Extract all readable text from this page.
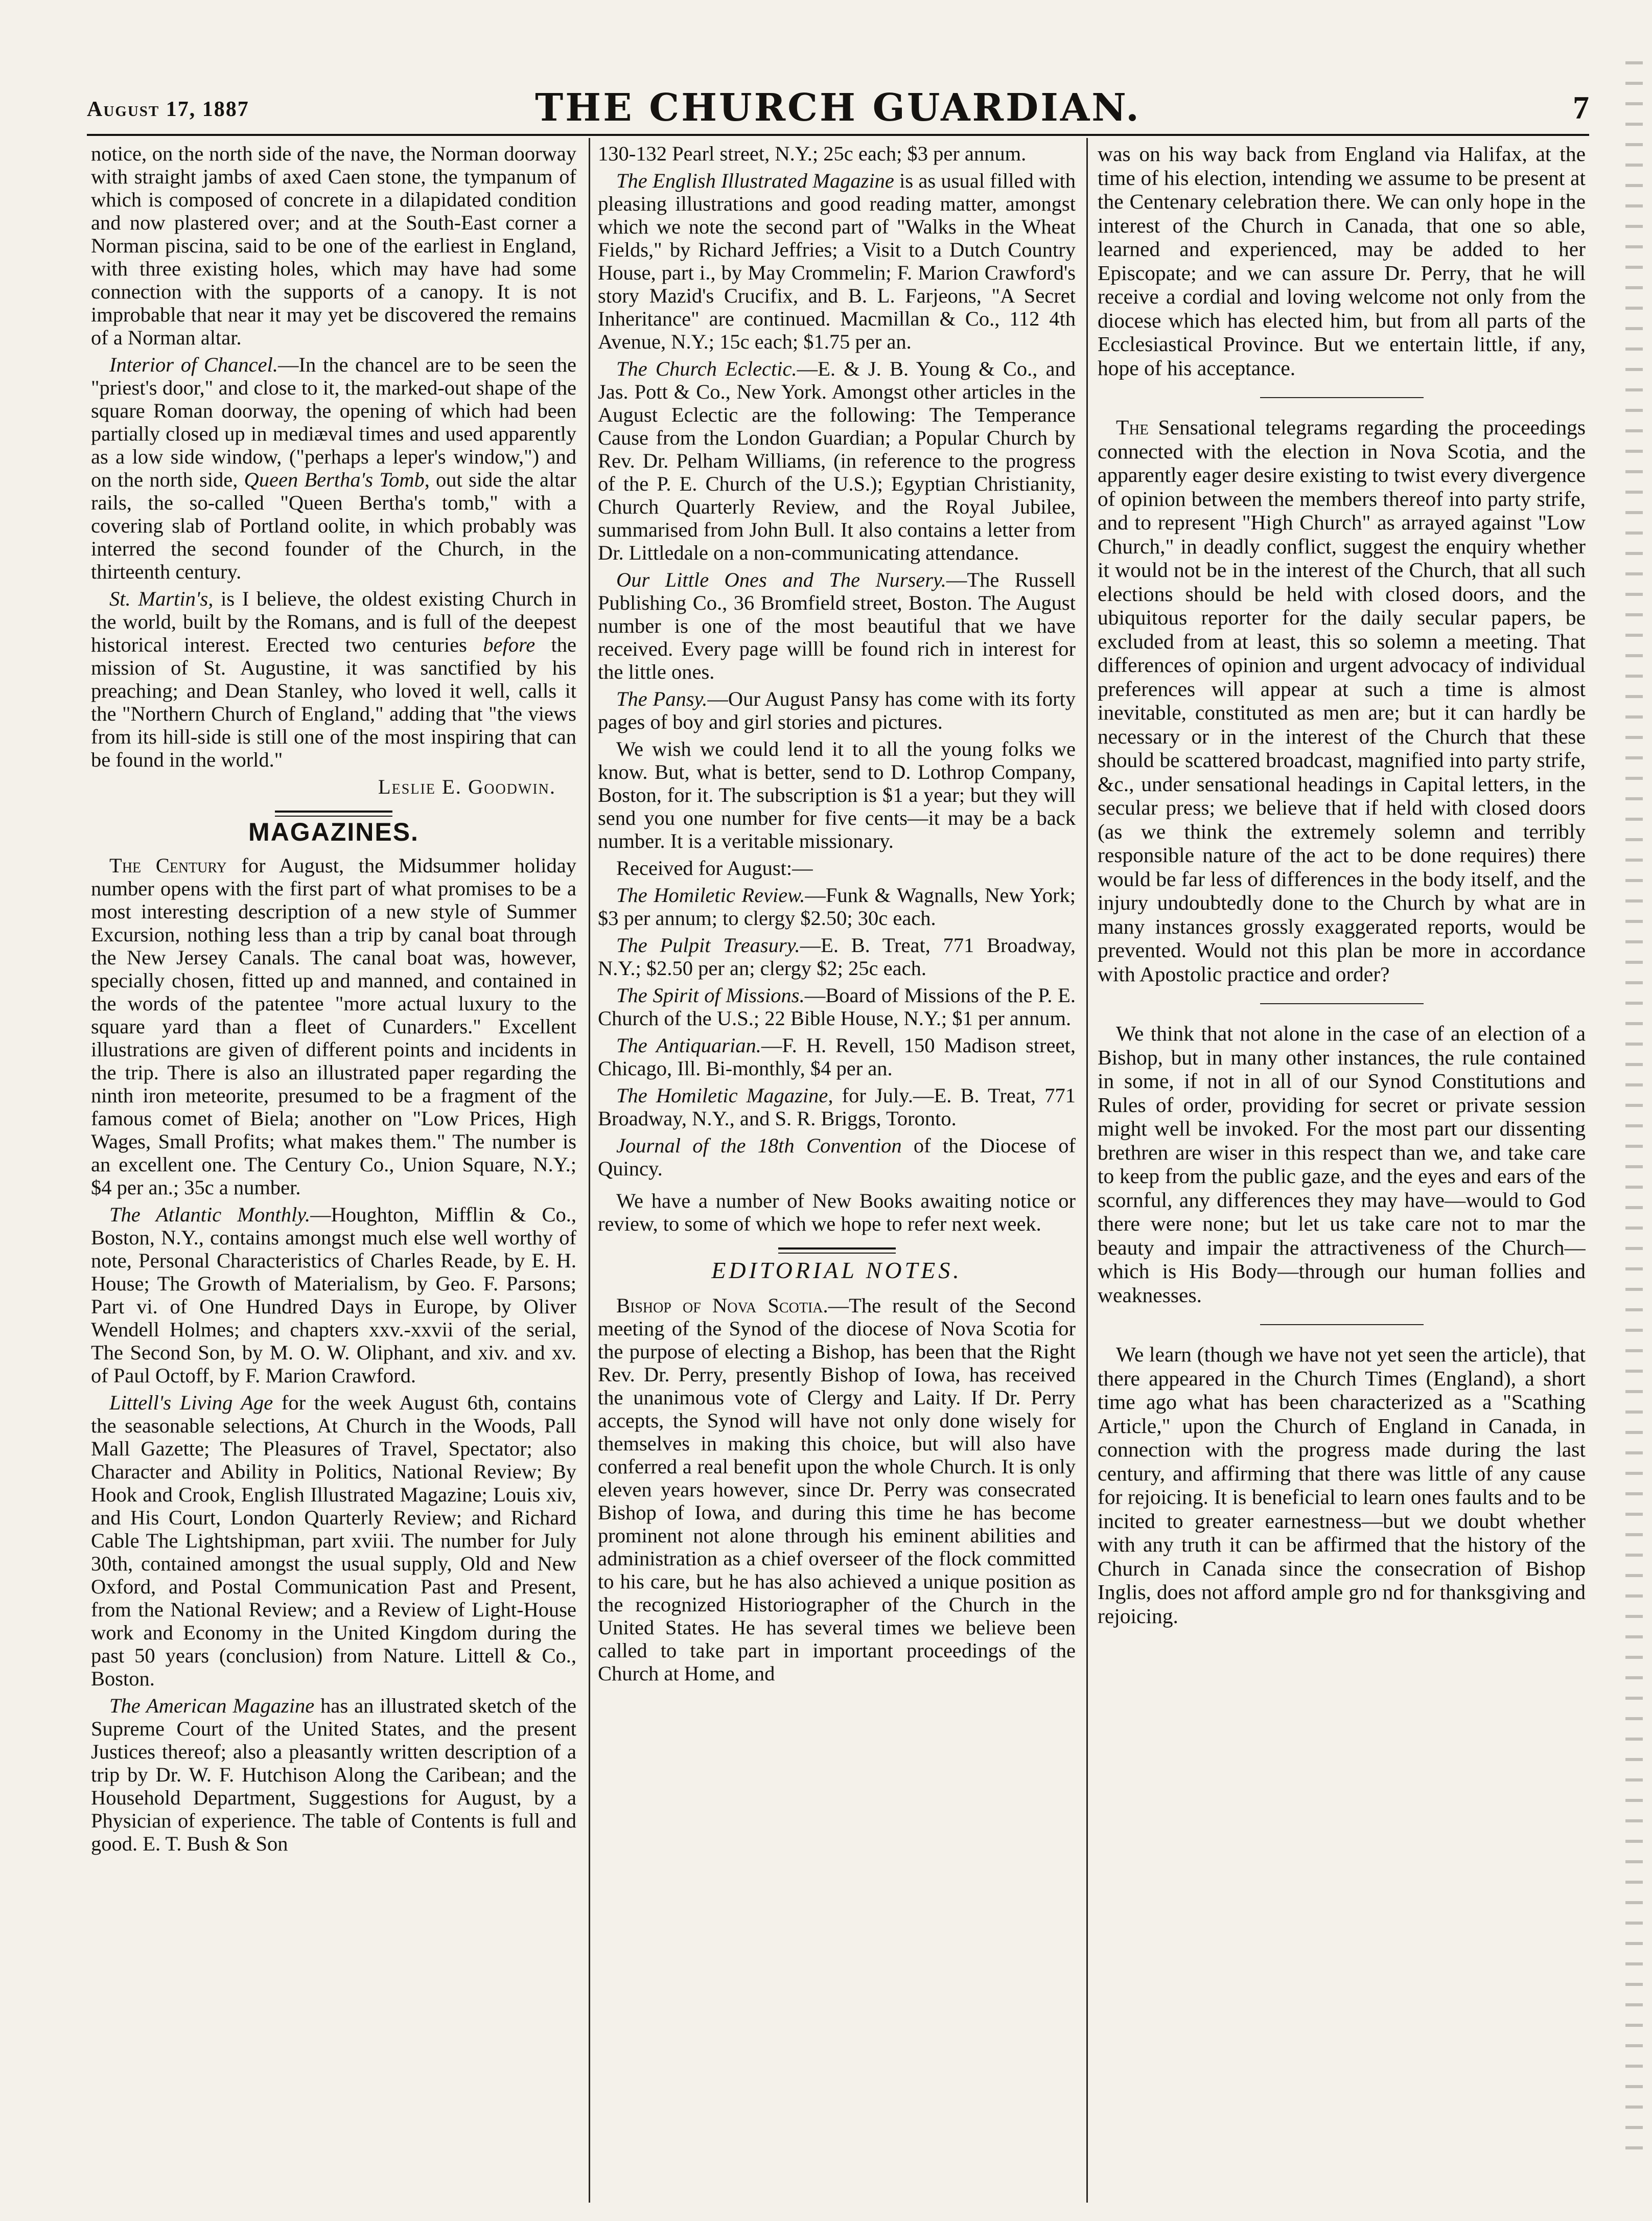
August 17, 1887	THE CHURCH GUARDIAN.	7

notice, on the north side of the nave, the Norman doorway with straight jambs of axed Caen stone, the tympanum of which is composed of concrete in a dilapidated condition and now plastered over; and at the South-East corner a Norman piscina, said to be one of the earliest in England, with three existing holes, which may have had some connection with the supports of a canopy. It is not improbable that near it may yet be discovered the remains of a Norman altar.

Interior of Chancel.—In the chancel are to be seen the "priest's door," and close to it, the marked-out shape of the square Roman doorway, the opening of which had been partially closed up in mediæval times and used apparently as a low side window, ("perhaps a leper's window,") and on the north side, Queen Bertha's Tomb, out side the altar rails, the so-called "Queen Bertha's tomb," with a covering slab of Portland oolite, in which probably was interred the second founder of the Church, in the thirteenth century.

St. Martin's, is I believe, the oldest existing Church in the world, built by the Romans, and is full of the deepest historical interest. Erected two centuries before the mission of St. Augustine, it was sanctified by his preaching; and Dean Stanley, who loved it well, calls it the "Northern Church of England," adding that "the views from its hill-side is still one of the most inspiring that can be found in the world."

Leslie E. Goodwin.
MAGAZINES.

The Century for August, the Midsummer holiday number opens with the first part of what promises to be a most interesting description of a new style of Summer Excursion, nothing less than a trip by canal boat through the New Jersey Canals. The canal boat was, however, specially chosen, fitted up and manned, and contained in the words of the patentee "more actual luxury to the square yard than a fleet of Cunarders." Excellent illustrations are given of different points and incidents in the trip. There is also an illustrated paper regarding the ninth iron meteorite, presumed to be a fragment of the famous comet of Biela; another on "Low Prices, High Wages, Small Profits; what makes them." The number is an excellent one. The Century Co., Union Square, N.Y.; $4 per an.; 35c a number.

The Atlantic Monthly.—Houghton, Mifflin & Co., Boston, N.Y., contains amongst much else well worthy of note, Personal Characteristics of Charles Reade, by E. H. House; The Growth of Materialism, by Geo. F. Parsons; Part vi. of One Hundred Days in Europe, by Oliver Wendell Holmes; and chapters xxv.-xxvii of the serial, The Second Son, by M. O. W. Oliphant, and xiv. and xv. of Paul Octoff, by F. Marion Crawford.

Littell's Living Age for the week August 6th, contains the seasonable selections, At Church in the Woods, Pall Mall Gazette; The Pleasures of Travel, Spectator; also Character and Ability in Politics, National Review; By Hook and Crook, English Illustrated Magazine; Louis xiv, and His Court, London Quarterly Review; and Richard Cable The Lightshipman, part xviii. The number for July 30th, contained amongst the usual supply, Old and New Oxford, and Postal Communication Past and Present, from the National Review; and a Review of Light-House work and Economy in the United Kingdom during the past 50 years (conclusion) from Nature. Littell & Co., Boston.

The American Magazine has an illustrated sketch of the Supreme Court of the United States, and the present Justices thereof; also a pleasantly written description of a trip by Dr. W. F. Hutchison Along the Caribean; and the Household Department, Suggestions for August, by a Physician of experience. The table of Contents is full and good. E. T. Bush & Son

130-132 Pearl street, N.Y.; 25c each; $3 per annum.

The English Illustrated Magazine is as usual filled with pleasing illustrations and good reading matter, amongst which we note the second part of "Walks in the Wheat Fields," by Richard Jeffries; a Visit to a Dutch Country House, part i., by May Crommelin; F. Marion Crawford's story Mazid's Crucifix, and B. L. Farjeons, "A Secret Inheritance" are continued. Macmillan & Co., 112 4th Avenue, N.Y.; 15c each; $1.75 per an.

The Church Eclectic.—E. & J. B. Young & Co., and Jas. Pott & Co., New York. Amongst other articles in the August Eclectic are the following: The Temperance Cause from the London Guardian; a Popular Church by Rev. Dr. Pelham Williams, (in reference to the progress of the P. E. Church of the U.S.); Egyptian Christianity, Church Quarterly Review, and the Royal Jubilee, summarised from John Bull. It also contains a letter from Dr. Littledale on a non-communicating attendance.

Our Little Ones and The Nursery.—The Russell Publishing Co., 36 Bromfield street, Boston. The August number is one of the most beautiful that we have received. Every page willl be found rich in interest for the little ones.

The Pansy.—Our August Pansy has come with its forty pages of boy and girl stories and pictures.

We wish we could lend it to all the young folks we know. But, what is better, send to D. Lothrop Company, Boston, for it. The subscription is $1 a year; but they will send you one number for five cents—it may be a back number. It is a veritable missionary.

Received for August:—

The Homiletic Review.—Funk & Wagnalls, New York; $3 per annum; to clergy $2.50; 30c each.

The Pulpit Treasury.—E. B. Treat, 771 Broadway, N.Y.; $2.50 per an; clergy $2; 25c each.

The Spirit of Missions.—Board of Missions of the P. E. Church of the U.S.; 22 Bible House, N.Y.; $1 per annum.

The Antiquarian.—F. H. Revell, 150 Madison street, Chicago, Ill. Bi-monthly, $4 per an.

The Homiletic Magazine, for July.—E. B. Treat, 771 Broadway, N.Y., and S. R. Briggs, Toronto.

Journal of the 18th Convention of the Diocese of Quincy.

We have a number of New Books awaiting notice or review, to some of which we hope to refer next week.

EDITORIAL NOTES.

Bishop of Nova Scotia.—The result of the Second meeting of the Synod of the diocese of Nova Scotia for the purpose of electing a Bishop, has been that the Right Rev. Dr. Perry, presently Bishop of Iowa, has received the unanimous vote of Clergy and Laity. If Dr. Perry accepts, the Synod will have not only done wisely for themselves in making this choice, but will also have conferred a real benefit upon the whole Church. It is only eleven years however, since Dr. Perry was consecrated Bishop of Iowa, and during this time he has become prominent not alone through his eminent abilities and administration as a chief overseer of the flock committed to his care, but he has also achieved a unique position as the recognized Historiographer of the Church in the United States. He has several times we believe been called to take part in important proceedings of the Church at Home, and

was on his way back from England via Halifax, at the time of his election, intending we assume to be present at the Centenary celebration there. We can only hope in the interest of the Church in Canada, that one so able, learned and experienced, may be added to her Episcopate; and we can assure Dr. Perry, that he will receive a cordial and loving welcome not only from the diocese which has elected him, but from all parts of the Ecclesiastical Province. But we entertain little, if any, hope of his acceptance.

The Sensational telegrams regarding the proceedings connected with the election in Nova Scotia, and the apparently eager desire existing to twist every divergence of opinion between the members thereof into party strife, and to represent "High Church" as arrayed against "Low Church," in deadly conflict, suggest the enquiry whether it would not be in the interest of the Church, that all such elections should be held with closed doors, and the ubiquitous reporter for the daily secular papers, be excluded from at least, this so solemn a meeting. That differences of opinion and urgent advocacy of individual preferences will appear at such a time is almost inevitable, constituted as men are; but it can hardly be necessary or in the interest of the Church that these should be scattered broadcast, magnified into party strife, &c., under sensational headings in Capital letters, in the secular press; we believe that if held with closed doors (as we think the extremely solemn and terribly responsible nature of the act to be done requires) there would be far less of differences in the body itself, and the injury undoubtedly done to the Church by what are in many instances grossly exaggerated reports, would be prevented. Would not this plan be more in accordance with Apostolic practice and order?

We think that not alone in the case of an election of a Bishop, but in many other instances, the rule contained in some, if not in all of our Synod Constitutions and Rules of order, providing for secret or private session might well be invoked. For the most part our dissenting brethren are wiser in this respect than we, and take care to keep from the public gaze, and the eyes and ears of the scornful, any differences they may have—would to God there were none; but let us take care not to mar the beauty and impair the attractiveness of the Church—which is His Body—through our human follies and weaknesses.

We learn (though we have not yet seen the article), that there appeared in the Church Times (England), a short time ago what has been characterized as a "Scathing Article," upon the Church of England in Canada, in connection with the progress made during the last century, and affirming that there was little of any cause for rejoicing. It is beneficial to learn ones faults and to be incited to greater earnestness—but we doubt whether with any truth it can be affirmed that the history of the Church in Canada since the consecration of Bishop Inglis, does not afford ample gro nd for thanksgiving and rejoicing.
